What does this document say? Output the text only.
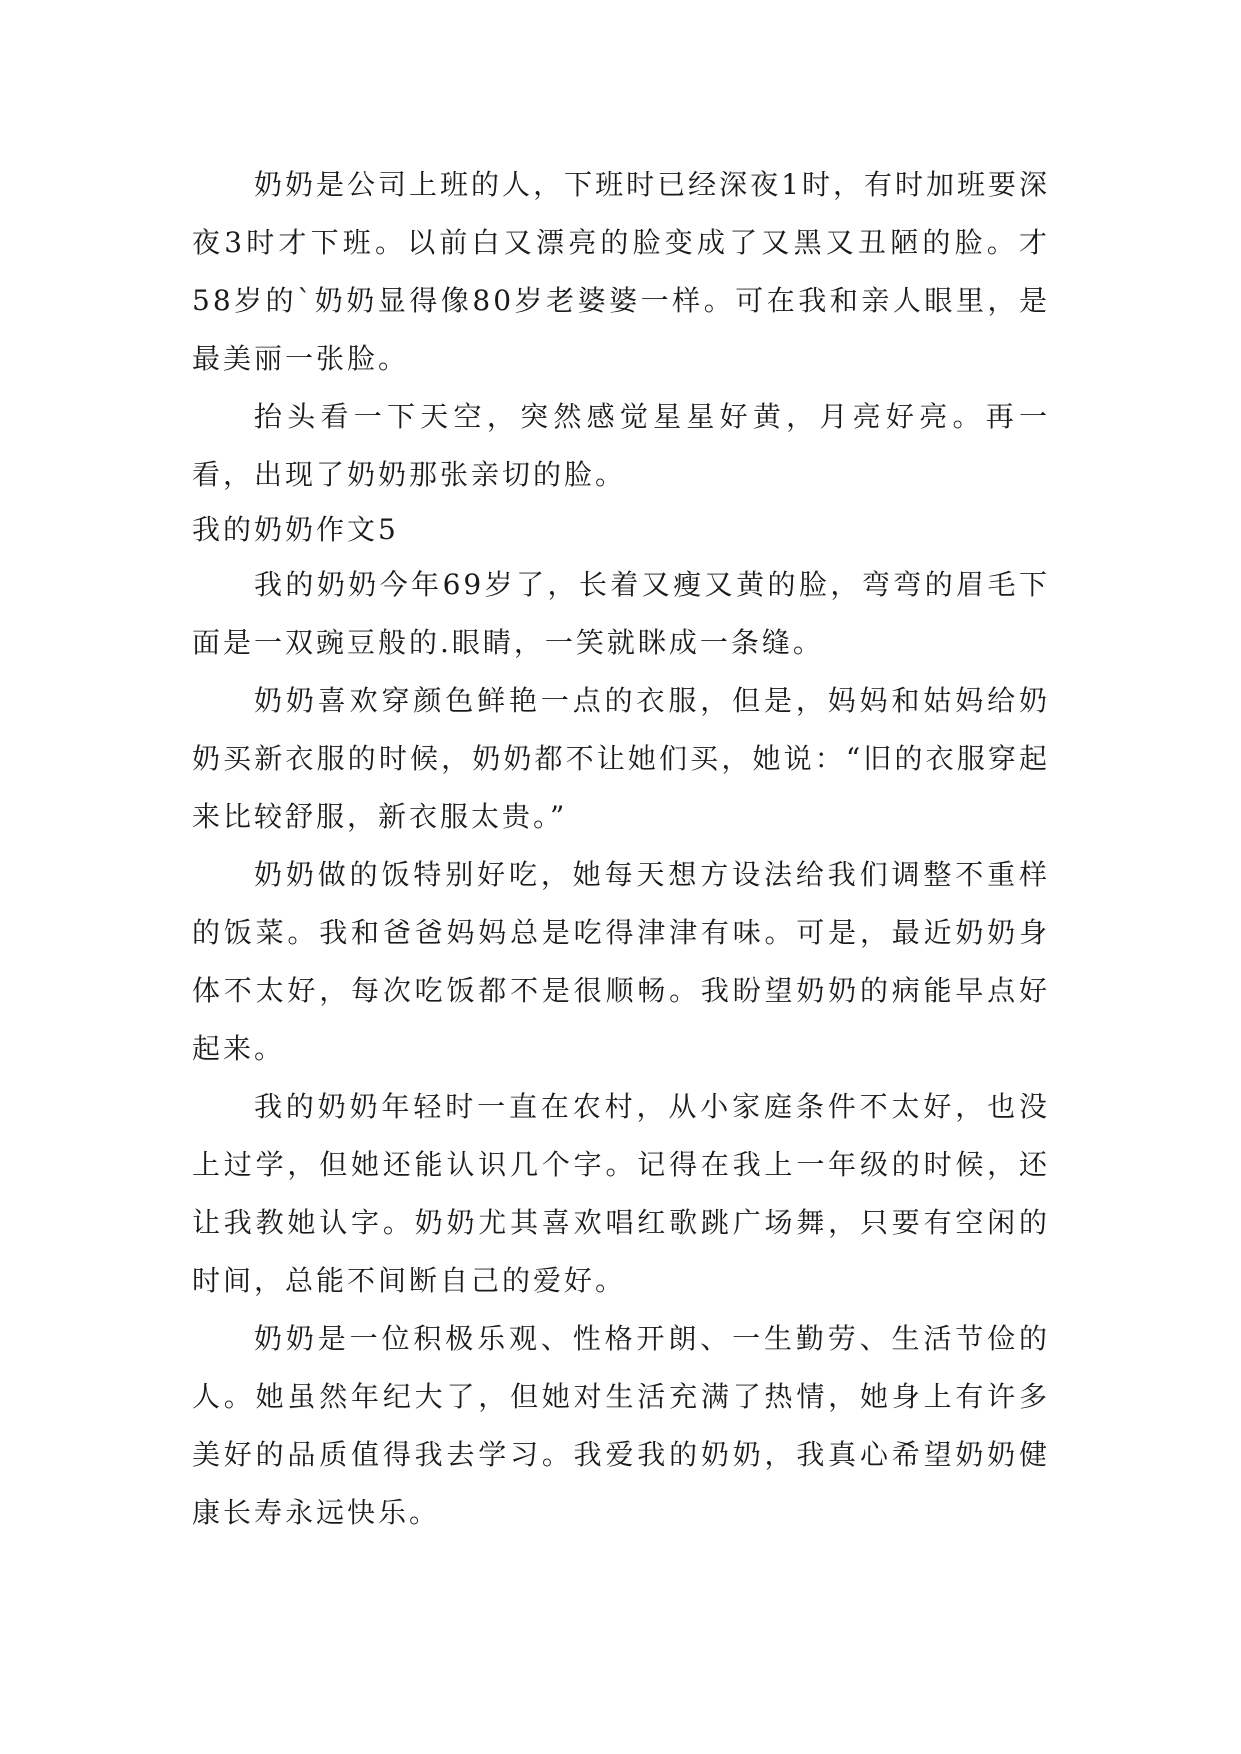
奶奶是公司上班的人，下班时已经深夜1时，有时加班要深夜3时才下班。以前白又漂亮的脸变成了又黑又丑陋的脸。才58岁的`奶奶显得像80岁老婆婆一样。可在我和亲人眼里，是最美丽一张脸。

抬头看一下天空，突然感觉星星好黄，月亮好亮。再一看，出现了奶奶那张亲切的脸。

我的奶奶作文5

我的奶奶今年69岁了，长着又瘦又黄的脸，弯弯的眉毛下面是一双豌豆般的.眼睛，一笑就眯成一条缝。

奶奶喜欢穿颜色鲜艳一点的衣服，但是，妈妈和姑妈给奶奶买新衣服的时候，奶奶都不让她们买，她说：“旧的衣服穿起来比较舒服，新衣服太贵。”

奶奶做的饭特别好吃，她每天想方设法给我们调整不重样的饭菜。我和爸爸妈妈总是吃得津津有味。可是，最近奶奶身体不太好，每次吃饭都不是很顺畅。我盼望奶奶的病能早点好起来。

我的奶奶年轻时一直在农村，从小家庭条件不太好，也没上过学，但她还能认识几个字。记得在我上一年级的时候，还让我教她认字。奶奶尤其喜欢唱红歌跳广场舞，只要有空闲的时间，总能不间断自己的爱好。

奶奶是一位积极乐观、性格开朗、一生勤劳、生活节俭的人。她虽然年纪大了，但她对生活充满了热情，她身上有许多美好的品质值得我去学习。我爱我的奶奶，我真心希望奶奶健康长寿永远快乐。
